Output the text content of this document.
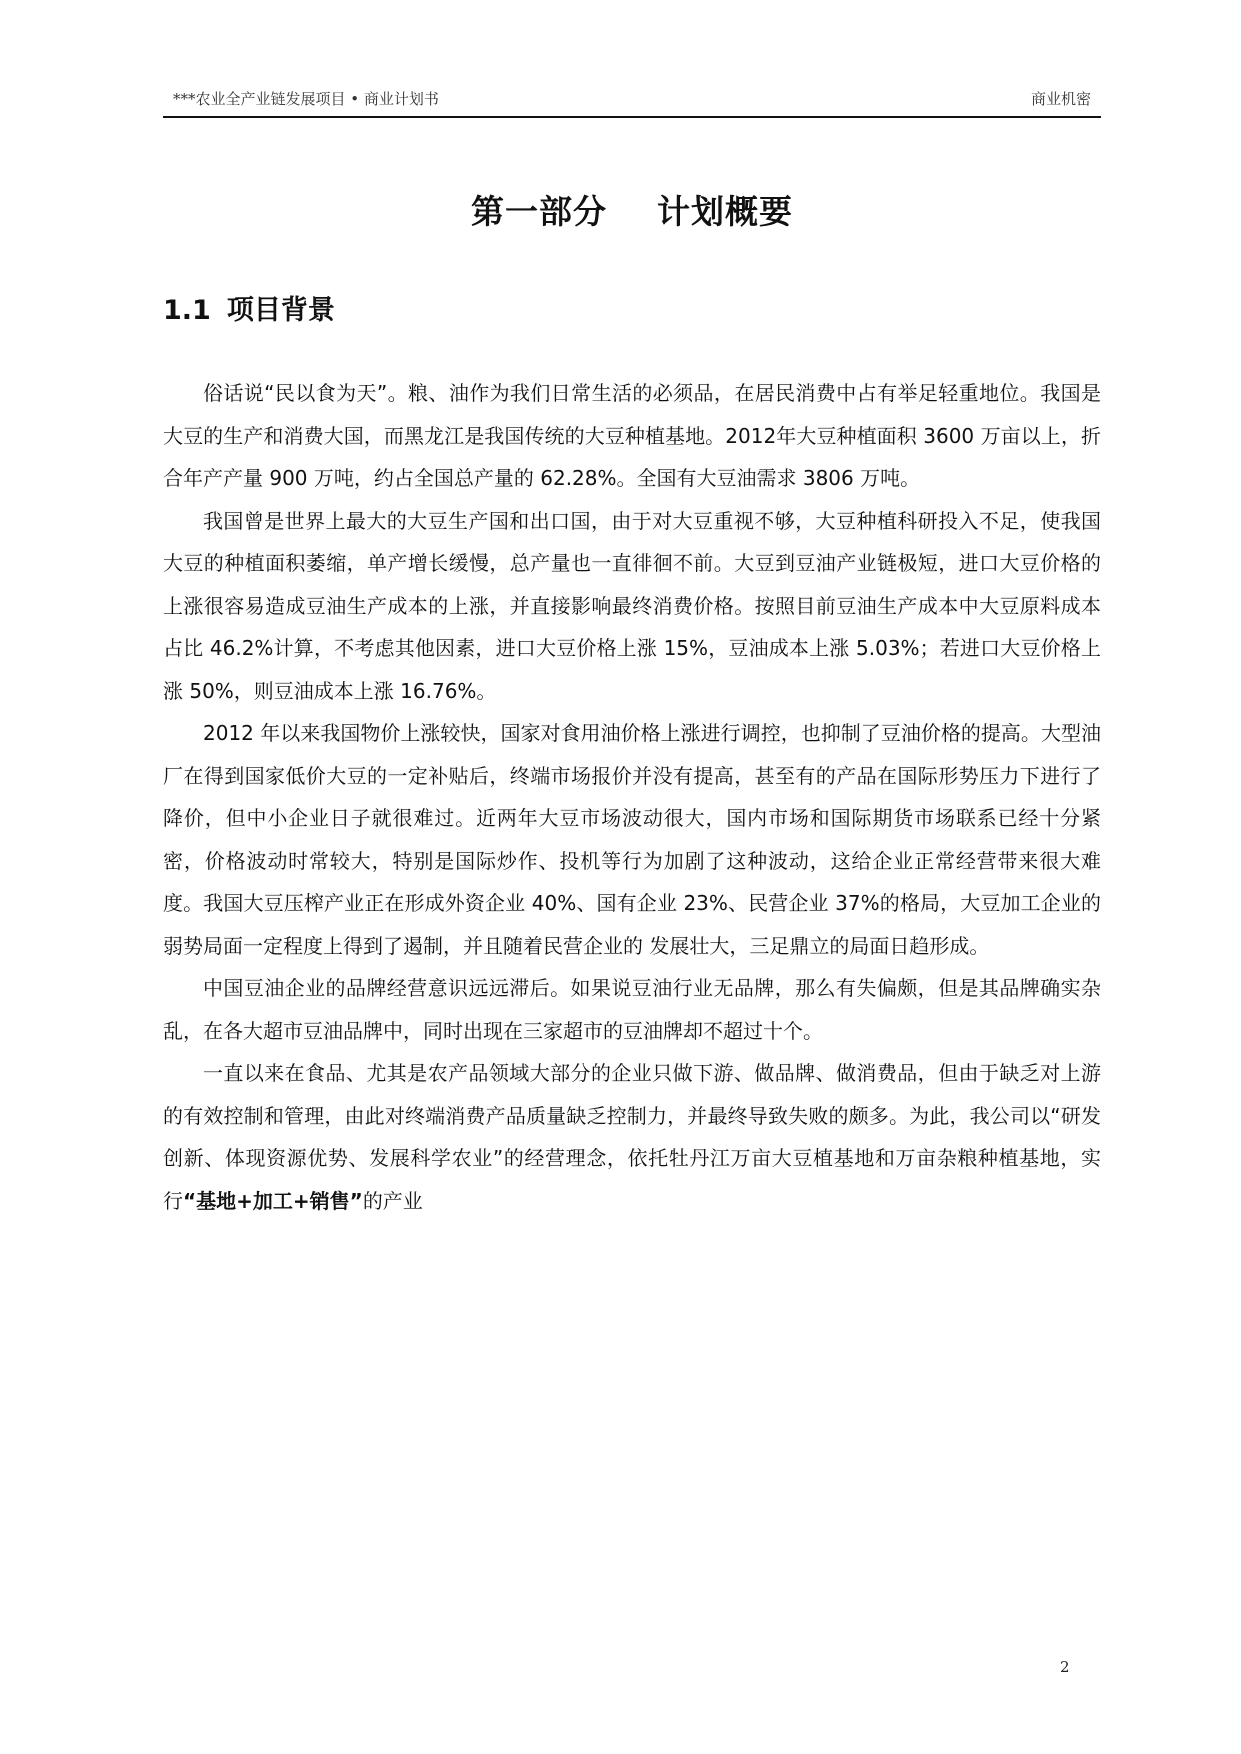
***农业全产业链发展项目 • 商业计划书	商业机密
第一部分    计划概要
1.1 项目背景

俗话说“民以食为天”。粮、油作为我们日常生活的必须品，在居民消费中占有举足轻重地位。我国是大豆的生产和消费大国，而黑龙江是我国传统的大豆种植基地。2012年大豆种植面积 3600 万亩以上，折合年产产量 900 万吨，约占全国总产量的 62.28%。全国有大豆油需求 3806 万吨。

我国曾是世界上最大的大豆生产国和出口国，由于对大豆重视不够，大豆种植科研投入不足，使我国大豆的种植面积萎缩，单产增长缓慢，总产量也一直徘徊不前。大豆到豆油产业链极短，进口大豆价格的上涨很容易造成豆油生产成本的上涨，并直接影响最终消费价格。按照目前豆油生产成本中大豆原料成本占比 46.2%计算，不考虑其他因素，进口大豆价格上涨 15%，豆油成本上涨 5.03%；若进口大豆价格上涨 50%，则豆油成本上涨 16.76%。

2012 年以来我国物价上涨较快，国家对食用油价格上涨进行调控，也抑制了豆油价格的提高。大型油厂在得到国家低价大豆的一定补贴后，终端市场报价并没有提高，甚至有的产品在国际形势压力下进行了降价，但中小企业日子就很难过。近两年大豆市场波动很大，国内市场和国际期货市场联系已经十分紧密，价格波动时常较大，特别是国际炒作、投机等行为加剧了这种波动，这给企业正常经营带来很大难度。我国大豆压榨产业正在形成外资企业 40%、国有企业 23%、民营企业 37%的格局，大豆加工企业的弱势局面一定程度上得到了遏制，并且随着民营企业的 发展壮大，三足鼎立的局面日趋形成。

中国豆油企业的品牌经营意识远远滞后。如果说豆油行业无品牌，那么有失偏颇，但是其品牌确实杂乱，在各大超市豆油品牌中，同时出现在三家超市的豆油牌却不超过十个。

一直以来在食品、尤其是农产品领域大部分的企业只做下游、做品牌、做消费品，但由于缺乏对上游的有效控制和管理，由此对终端消费产品质量缺乏控制力，并最终导致失败的颇多。为此，我公司以“研发创新、体现资源优势、发展科学农业”的经营理念，依托牡丹江万亩大豆植基地和万亩杂粮种植基地，实行“基地+加工+销售”的产业

2
